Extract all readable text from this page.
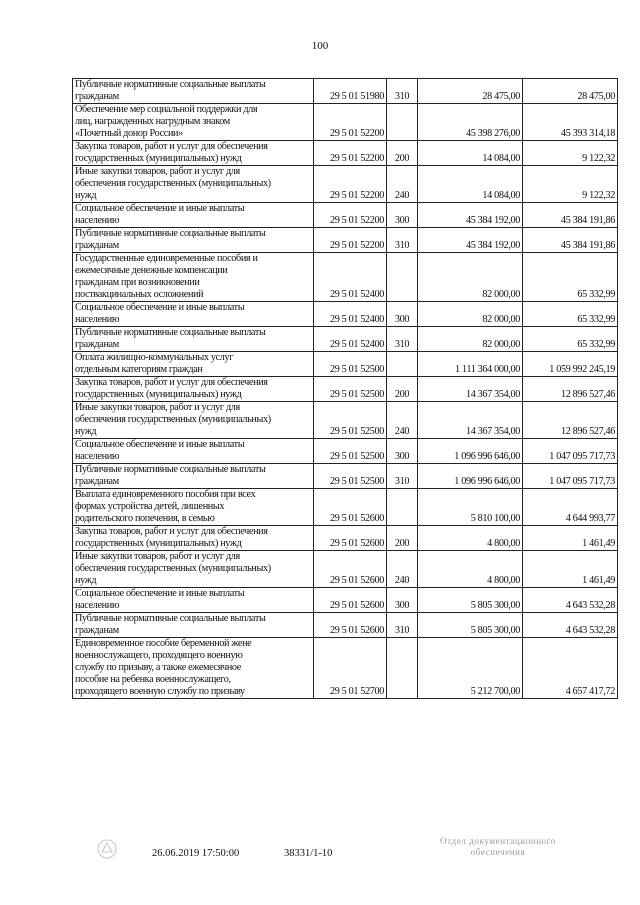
100
Публичные нормативные социальные выплаты
гражданам	29 5 01 51980	310	28 475,00	28 475,00

Обеспечение мер социальной поддержки для
лиц, награжденных нагрудным знаком
«Почетный донор России»	29 5 01 52200		45 398 276,00	45 393 314,18

Закупка товаров, работ и услуг для обеспечения
государственных (муниципальных) нужд	29 5 01 52200	200	14 084,00	9 122,32

Иные закупки товаров, работ и услуг для
обеспечения государственных (муниципальных)
нужд	29 5 01 52200	240	14 084,00	9 122,32

Социальное обеспечение и иные выплаты
населению	29 5 01 52200	300	45 384 192,00	45 384 191,86

Публичные нормативные социальные выплаты
гражданам	29 5 01 52200	310	45 384 192,00	45 384 191,86

Государственные единовременные пособия и
ежемесячные денежные компенсации
гражданам при возникновении
поствакцинальных осложнений	29 5 01 52400		82 000,00	65 332,99

Социальное обеспечение и иные выплаты
населению	29 5 01 52400	300	82 000,00	65 332,99

Публичные нормативные социальные выплаты
гражданам	29 5 01 52400	310	82 000,00	65 332,99

Оплата жилищно-коммунальных услуг
отдельным категориям граждан	29 5 01 52500		1 111 364 000,00	1 059 992 245,19

Закупка товаров, работ и услуг для обеспечения
государственных (муниципальных) нужд	29 5 01 52500	200	14 367 354,00	12 896 527,46

Иные закупки товаров, работ и услуг для
обеспечения государственных (муниципальных)
нужд	29 5 01 52500	240	14 367 354,00	12 896 527,46

Социальное обеспечение и иные выплаты
населению	29 5 01 52500	300	1 096 996 646,00	1 047 095 717,73

Публичные нормативные социальные выплаты
гражданам	29 5 01 52500	310	1 096 996 646,00	1 047 095 717,73

Выплата единовременного пособия при всех
формах устройства детей, лишенных
родительского попечения, в семью	29 5 01 52600		5 810 100,00	4 644 993,77

Закупка товаров, работ и услуг для обеспечения
государственных (муниципальных) нужд	29 5 01 52600	200	4 800,00	1 461,49

Иные закупки товаров, работ и услуг для
обеспечения государственных (муниципальных)
нужд	29 5 01 52600	240	4 800,00	1 461,49

Социальное обеспечение и иные выплаты
населению	29 5 01 52600	300	5 805 300,00	4 643 532,28

Публичные нормативные социальные выплаты
гражданам	29 5 01 52600	310	5 805 300,00	4 643 532,28

Единовременное пособие беременной жене
военнослужащего, проходящего военную
службу по призыву, а также ежемесячное
пособие на ребенка военнослужащего,
проходящего военную службу по призыву	29 5 01 52700		5 212 700,00	4 657 417,72
26.06.2019 17:50:00	38331/1-10
Отдел документационного
обеспечения
